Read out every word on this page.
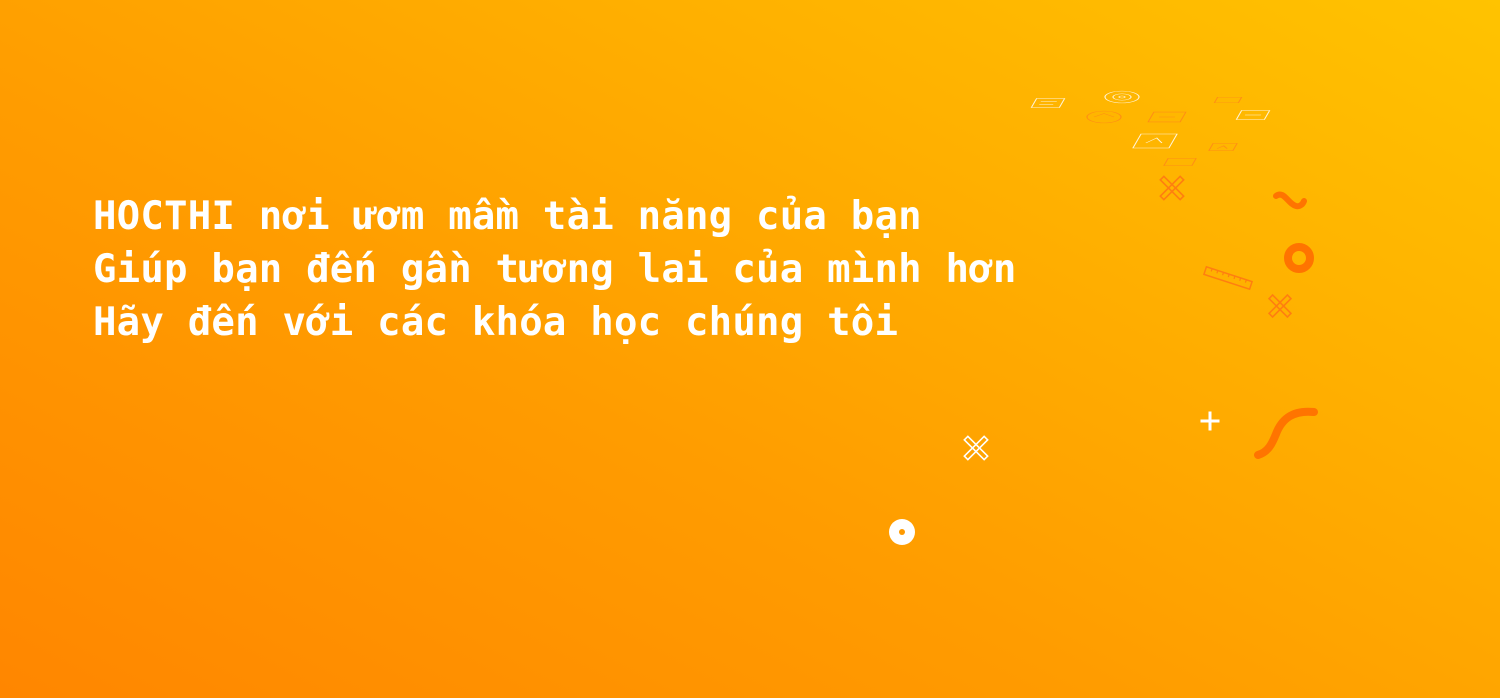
HOCTHI nơi ươm mầm tài năng của bạn
Giúp bạn đến gần tương lai của mình hơn
Hãy đến với các khóa học chúng tôi
